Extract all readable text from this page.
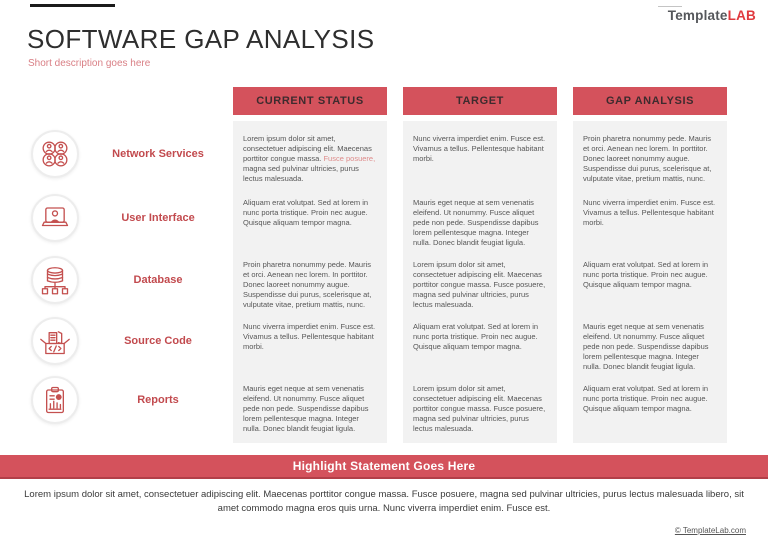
SOFTWARE GAP ANALYSIS
Short description goes here
TemplateLAB
CURRENT STATUS	TARGET	GAP ANALYSIS
Lorem ipsum dolor sit amet, consectetuer adipiscing elit. Maecenas porttitor congue massa. Fusce posuere, magna sed pulvinar ultricies, purus lectus malesuada.
Aliquam erat volutpat. Sed at lorem in nunc porta tristique. Proin nec augue. Quisque aliquam tempor magna.
Proin pharetra nonummy pede. Mauris et orci. Aenean nec lorem. In porttitor. Donec laoreet nonummy augue. Suspendisse dui purus, scelerisque at, vulputate vitae, pretium mattis, nunc.
Nunc viverra imperdiet enim. Fusce est. Vivamus a tellus. Pellentesque habitant morbi.
Mauris eget neque at sem venenatis eleifend. Ut nonummy. Fusce aliquet pede non pede. Suspendisse dapibus lorem pellentesque magna. Integer nulla. Donec blandit feugiat ligula.
Nunc viverra imperdiet enim. Fusce est. Vivamus a tellus. Pellentesque habitant morbi.
Mauris eget neque at sem venenatis eleifend. Ut nonummy. Fusce aliquet pede non pede. Suspendisse dapibus lorem pellentesque magna. Integer nulla. Donec blandit feugiat ligula.
Lorem ipsum dolor sit amet, consectetuer adipiscing elit. Maecenas porttitor congue massa. Fusce posuere, magna sed pulvinar ultricies, purus lectus malesuada.
Aliquam erat volutpat. Sed at lorem in nunc porta tristique. Proin nec augue. Quisque aliquam tempor magna.
Lorem ipsum dolor sit amet, consectetuer adipiscing elit. Maecenas porttitor congue massa. Fusce posuere, magna sed pulvinar ultricies, purus lectus malesuada.
Proin pharetra nonummy pede. Mauris et orci. Aenean nec lorem. In porttitor. Donec laoreet nonummy augue. Suspendisse dui purus, scelerisque at, vulputate vitae, pretium mattis, nunc.
Nunc viverra imperdiet enim. Fusce est. Vivamus a tellus. Pellentesque habitant morbi.
Aliquam erat volutpat. Sed at lorem in nunc porta tristique. Proin nec augue. Quisque aliquam tempor magna.
Mauris eget neque at sem venenatis eleifend. Ut nonummy. Fusce aliquet pede non pede. Suspendisse dapibus lorem pellentesque magna. Integer nulla. Donec blandit feugiat ligula.
Aliquam erat volutpat. Sed at lorem in nunc porta tristique. Proin nec augue. Quisque aliquam tempor magna.
Network Services
User Interface
Database
Source Code
Reports
Highlight Statement Goes Here
Lorem ipsum dolor sit amet, consectetuer adipiscing elit. Maecenas porttitor congue massa. Fusce posuere, magna sed pulvinar ultricies, purus lectus malesuada libero, sit amet commodo magna eros quis urna. Nunc viverra imperdiet enim. Fusce est.
© TemplateLab.com
